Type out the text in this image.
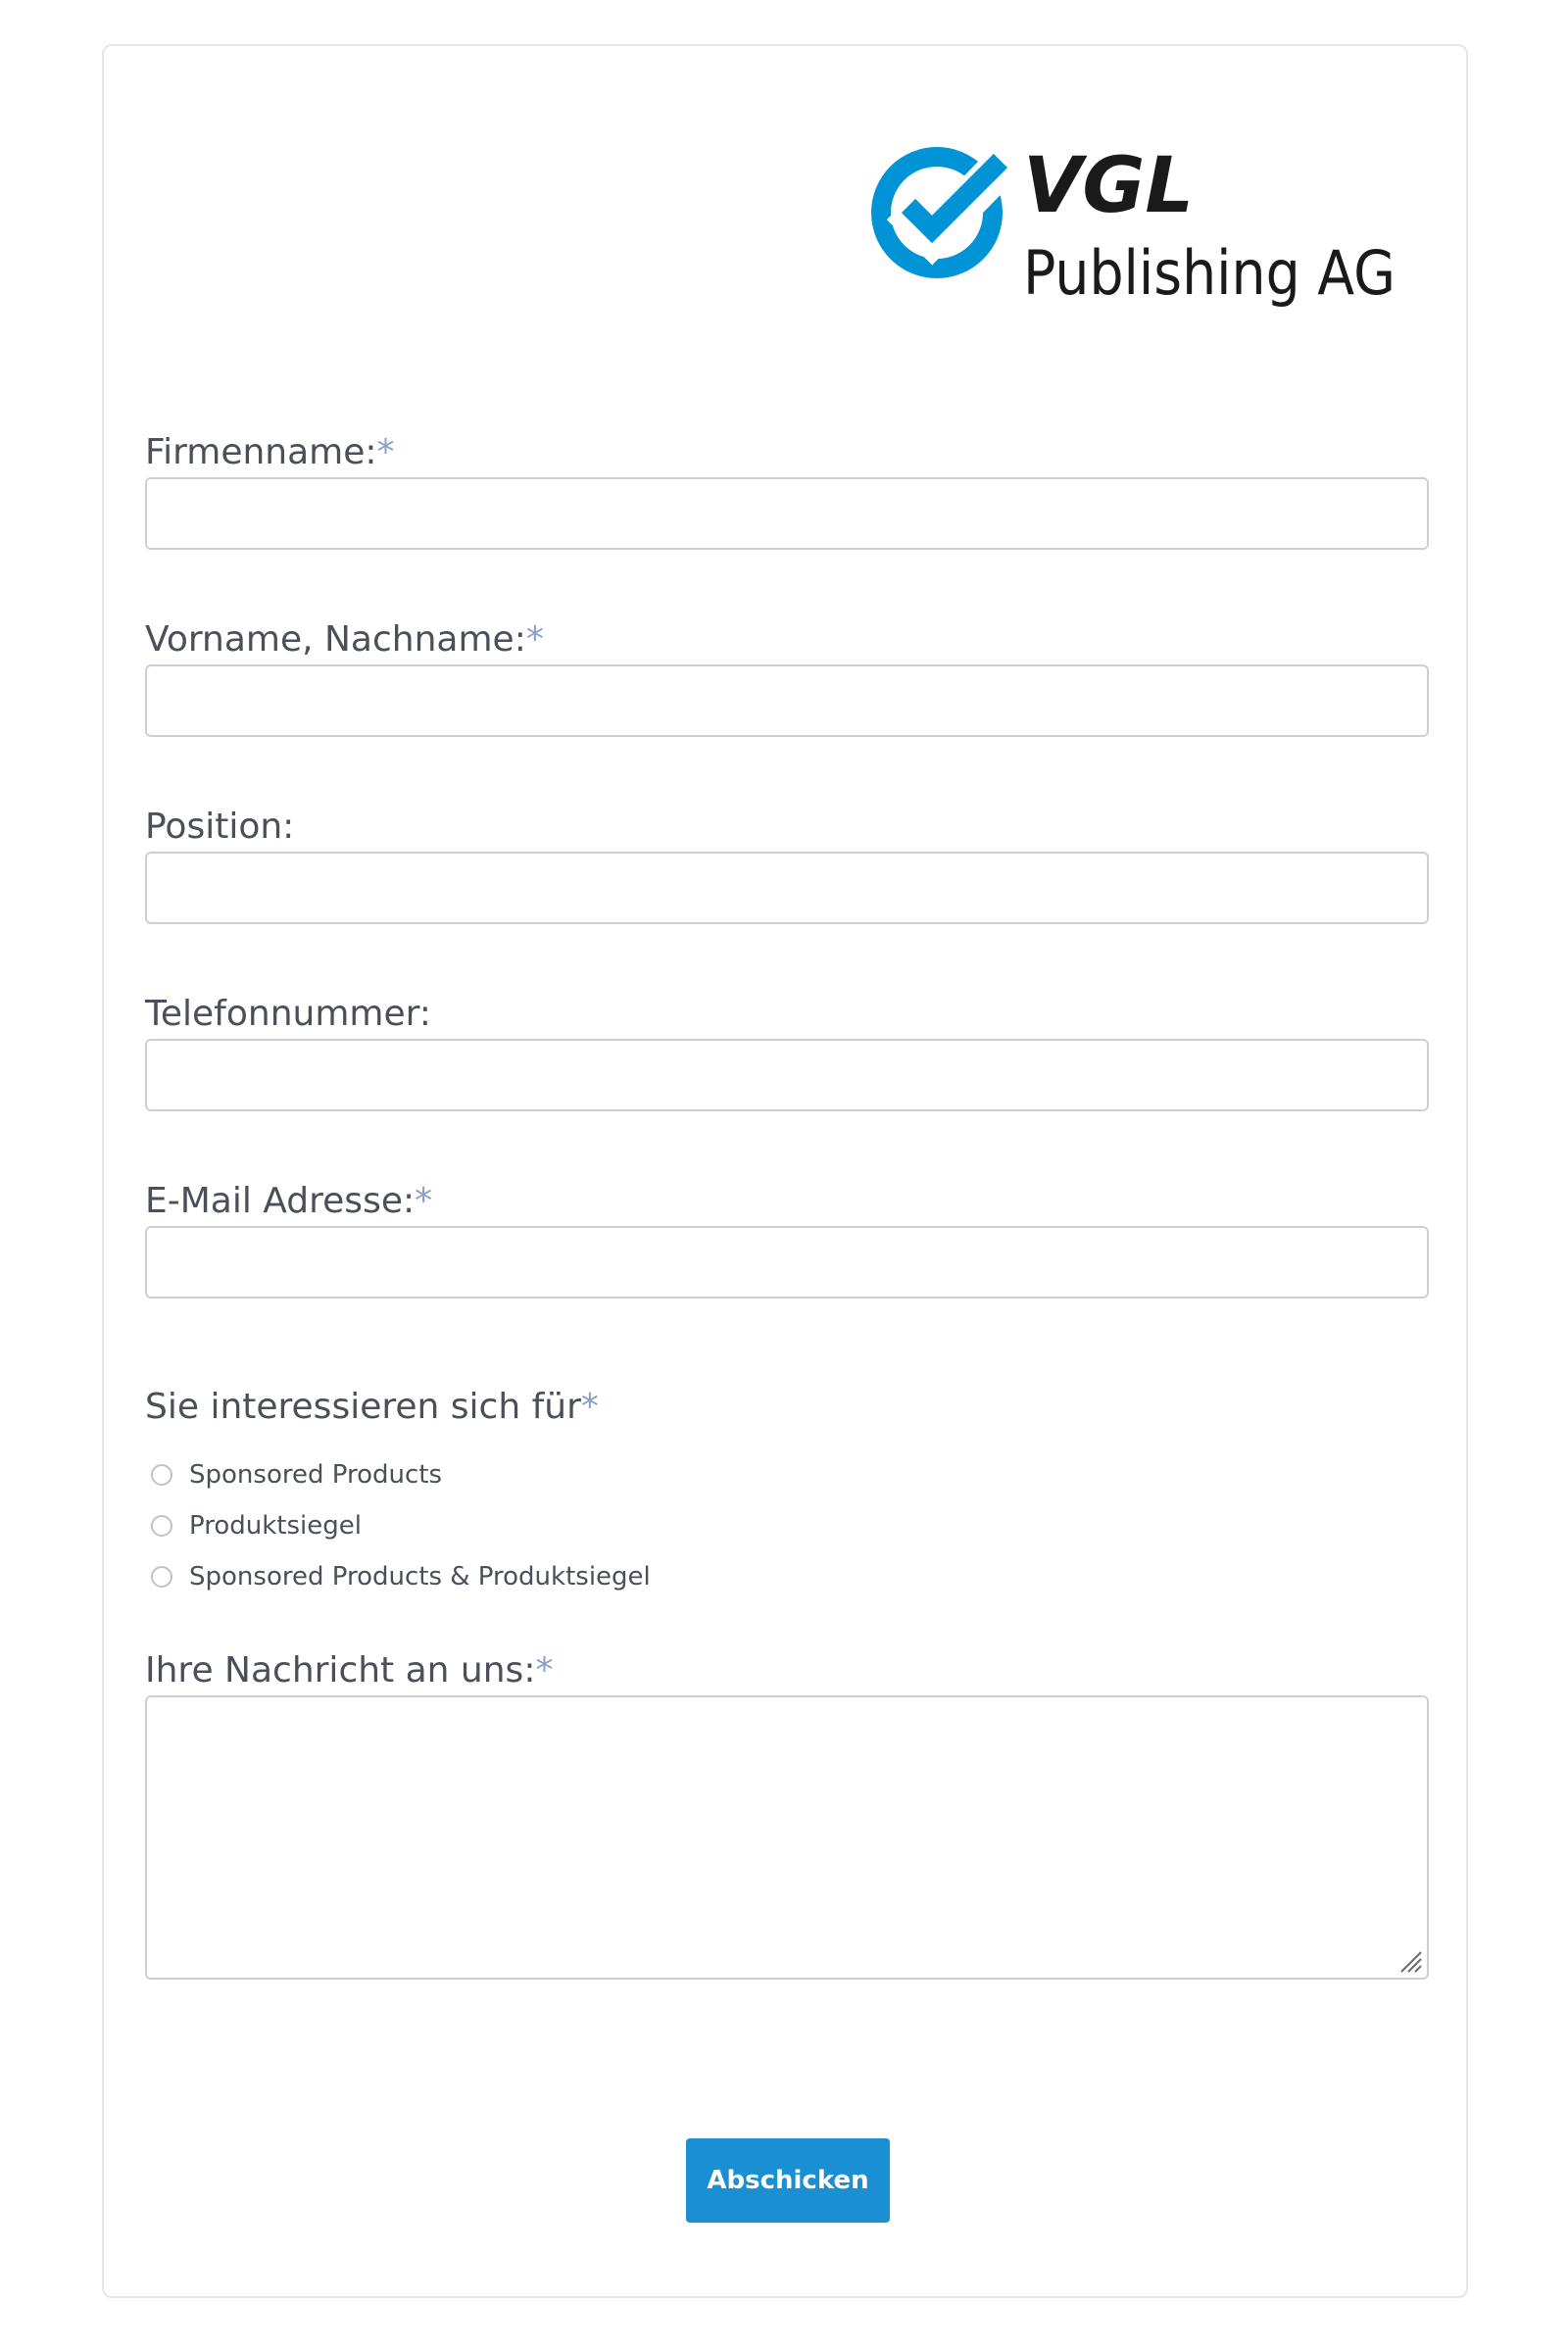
VGL
Publishing AG
Firmenname:*
Vorname, Nachname:*
Position:
Telefonnummer:
E-Mail Adresse:*
Sie interessieren sich für*
Sponsored Products
Produktsiegel
Sponsored Products & Produktsiegel
Ihre Nachricht an uns:*
Abschicken
